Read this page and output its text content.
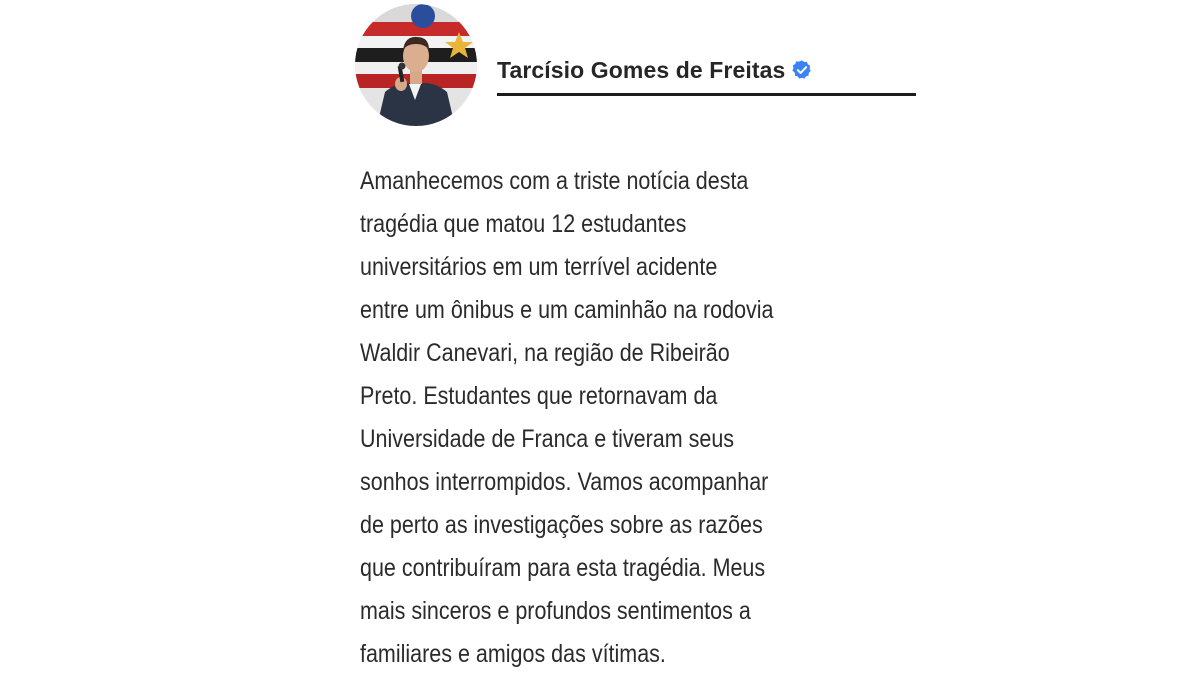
Tarcísio Gomes de Freitas

Amanhecemos com a triste notícia desta
tragédia que matou 12 estudantes
universitários em um terrível acidente
entre um ônibus e um caminhão na rodovia
Waldir Canevari, na região de Ribeirão
Preto. Estudantes que retornavam da
Universidade de Franca e tiveram seus
sonhos interrompidos. Vamos acompanhar
de perto as investigações sobre as razões
que contribuíram para esta tragédia. Meus
mais sinceros e profundos sentimentos a
familiares e amigos das vítimas.
